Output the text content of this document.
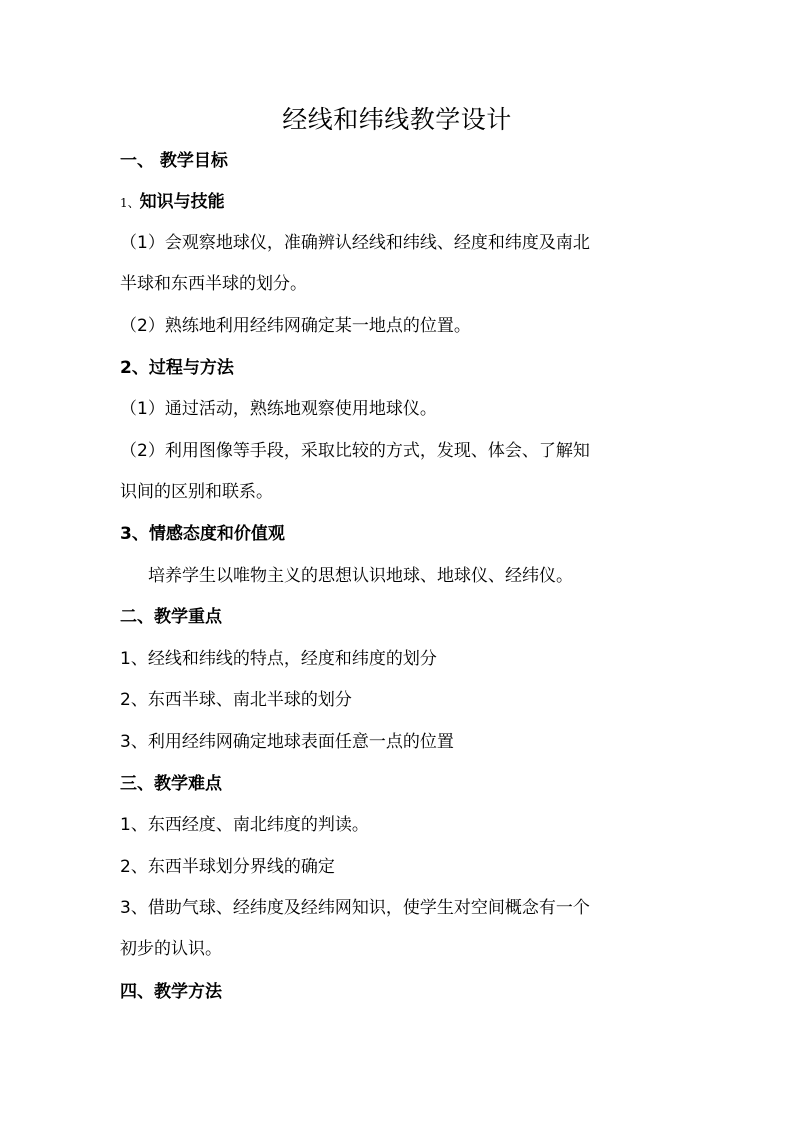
经线和纬线教学设计
一、 教学目标
1、知识与技能
（1）会观察地球仪，准确辨认经线和纬线、经度和纬度及南北
半球和东西半球的划分。
（2）熟练地利用经纬网确定某一地点的位置。
2、过程与方法
（1）通过活动，熟练地观察使用地球仪。
（2）利用图像等手段，采取比较的方式，发现、体会、了解知
识间的区别和联系。
3、情感态度和价值观
培养学生以唯物主义的思想认识地球、地球仪、经纬仪。
二、教学重点
1、经线和纬线的特点，经度和纬度的划分
2、东西半球、南北半球的划分
3、利用经纬网确定地球表面任意一点的位置
三、教学难点
1、东西经度、南北纬度的判读。
2、东西半球划分界线的确定
3、借助气球、经纬度及经纬网知识，使学生对空间概念有一个
初步的认识。
四、教学方法
